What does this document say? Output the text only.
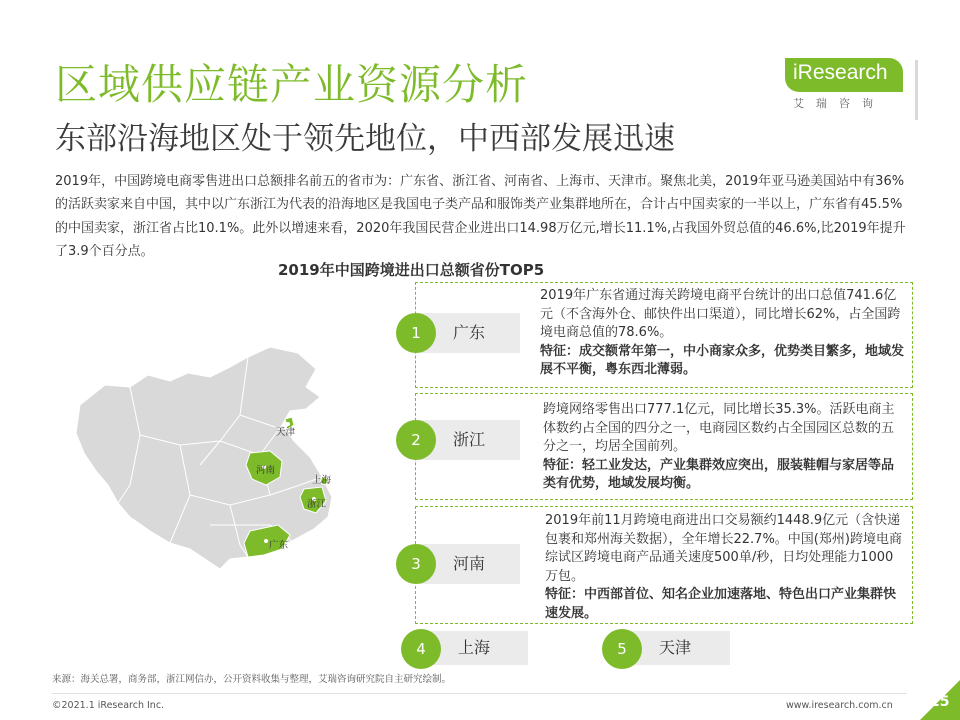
区域供应链产业资源分析
东部沿海地区处于领先地位，中西部发展迅速
iResearch
艾瑞咨询
2019年，中国跨境电商零售进出口总额排名前五的省市为：广东省、浙江省、河南省、上海市、天津市。聚焦北美，2019年亚马逊美国站中有36%的活跃卖家来自中国，其中以广东浙江为代表的沿海地区是我国电子类产品和服饰类产业集群地所在，合计占中国卖家的一半以上，广东省有45.5%的中国卖家，浙江省占比10.1%。此外以增速来看，2020年我国民营企业进出口14.98万亿元,增长11.1%,占我国外贸总值的46.6%,比2019年提升了3.9个百分点。
2019年中国跨境进出口总额省份TOP5
天津
河南
上海
浙江
广东
广东
1
2019年广东省通过海关跨境电商平台统计的出口总值741.6亿元（不含海外仓、邮快件出口渠道），同比增长62%，占全国跨境电商总值的78.6%。
特征：成交额常年第一，中小商家众多，优势类目繁多，地域发展不平衡，粤东西北薄弱。
浙江
2
跨境网络零售出口777.1亿元，同比增长35.3%。活跃电商主体数约占全国的四分之一，电商园区数约占全国园区总数的五分之一，均居全国前列。
特征：轻工业发达，产业集群效应突出，服装鞋帽与家居等品类有优势，地域发展均衡。
河南
3
2019年前11月跨境电商进出口交易额约1448.9亿元（含快递包裹和郑州海关数据），全年增长22.7%。中国(郑州)跨境电商综试区跨境电商产品通关速度500单/秒，日均处理能力1000万包。
特征：中西部首位、知名企业加速落地、特色出口产业集群快速发展。
上海
4	天津
5
来源：海关总署，商务部，浙江网信办，公开资料收集与整理，艾瑞咨询研究院自主研究绘制。
©2021.1 iResearch Inc.	www.iresearch.com.cn	25
